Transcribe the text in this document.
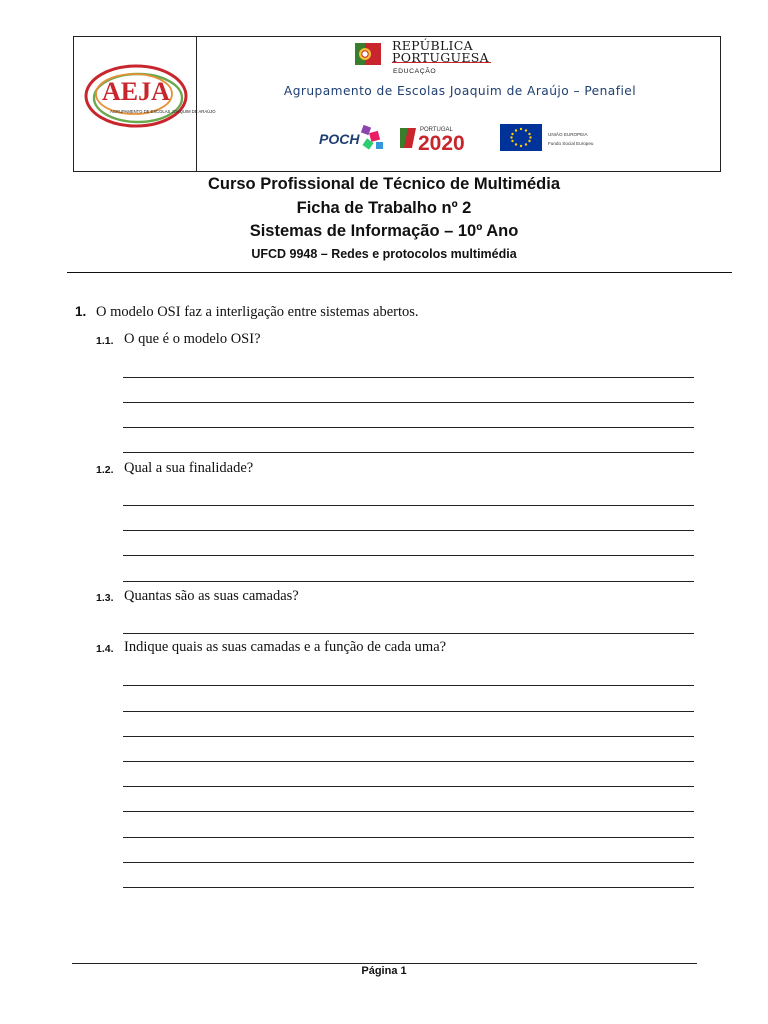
AEJA
AGRUPAMENTO DE ESCOLAS JOAQUIM DE ARAÚJO
REPÚBLICA
PORTUGUESA
EDUCAÇÃO
Agrupamento de Escolas Joaquim de Araújo – Penafiel
POCH
PORTUGAL
2020	UNIÃO EUROPEIA
Fundo Social Europeu
Curso Profissional de Técnico de Multimédia
Ficha de Trabalho nº 2
Sistemas de Informação – 10º Ano
UFCD 9948 – Redes e protocolos multimédia
1. O modelo OSI faz a interligação entre sistemas abertos.
1.1. O que é o modelo OSI?
1.2. Qual a sua finalidade?
1.3. Quantas são as suas camadas?
1.4. Indique quais as suas camadas e a função de cada uma?
Página 1
